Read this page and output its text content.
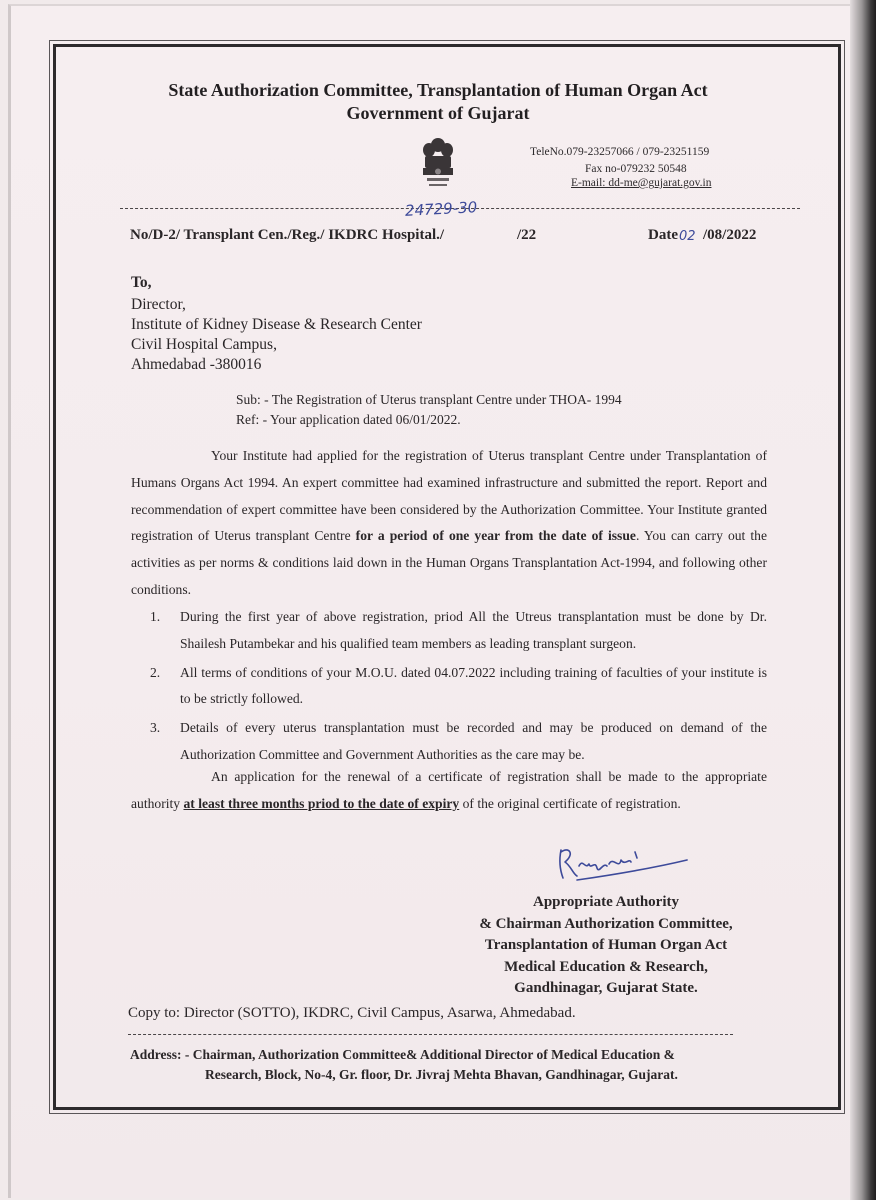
State Authorization Committee, Transplantation of Human Organ Act
Government of Gujarat
TeleNo.079-23257066 / 079-23251159
Fax no-079232 50548
E-mail: dd-me@gujarat.gov.in
24729-30
No/D-2/ Transplant Cen./Reg./ IKDRC Hospital./	/22	Date 02 /08/2022
To,
Director,
Institute of Kidney Disease & Research Center
Civil Hospital Campus,
Ahmedabad -380016
Sub: - The Registration of Uterus transplant Centre under THOA- 1994
Ref: - Your application dated 06/01/2022.

Your Institute had applied for the registration of Uterus transplant Centre under Transplantation of Humans Organs Act 1994. An expert committee had examined infrastructure and submitted the report. Report and recommendation of expert committee have been considered by the Authorization Committee. Your Institute granted registration of Uterus transplant Centre for a period of one year from the date of issue. You can carry out the activities as per norms & conditions laid down in the Human Organs Transplantation Act-1994, and following other conditions.

1. During the first year of above registration, priod All the Utreus transplantation must be done by Dr. Shailesh Putambekar and his qualified team members as leading transplant surgeon.
2. All terms of conditions of your M.O.U. dated 04.07.2022 including training of faculties of your institute is to be strictly followed.
3. Details of every uterus transplantation must be recorded and may be produced on demand of the Authorization Committee and Government Authorities as the care may be.

An application for the renewal of a certificate of registration shall be made to the appropriate authority at least three months priod to the date of expiry of the original certificate of registration.

Appropriate Authority
& Chairman Authorization Committee,
Transplantation of Human Organ Act
Medical Education & Research,
Gandhinagar, Gujarat State.
Copy to: Director (SOTTO), IKDRC, Civil Campus, Asarwa, Ahmedabad.
Address: - Chairman, Authorization Committee& Additional Director of Medical Education &
Research, Block, No-4, Gr. floor, Dr. Jivraj Mehta Bhavan, Gandhinagar, Gujarat.
